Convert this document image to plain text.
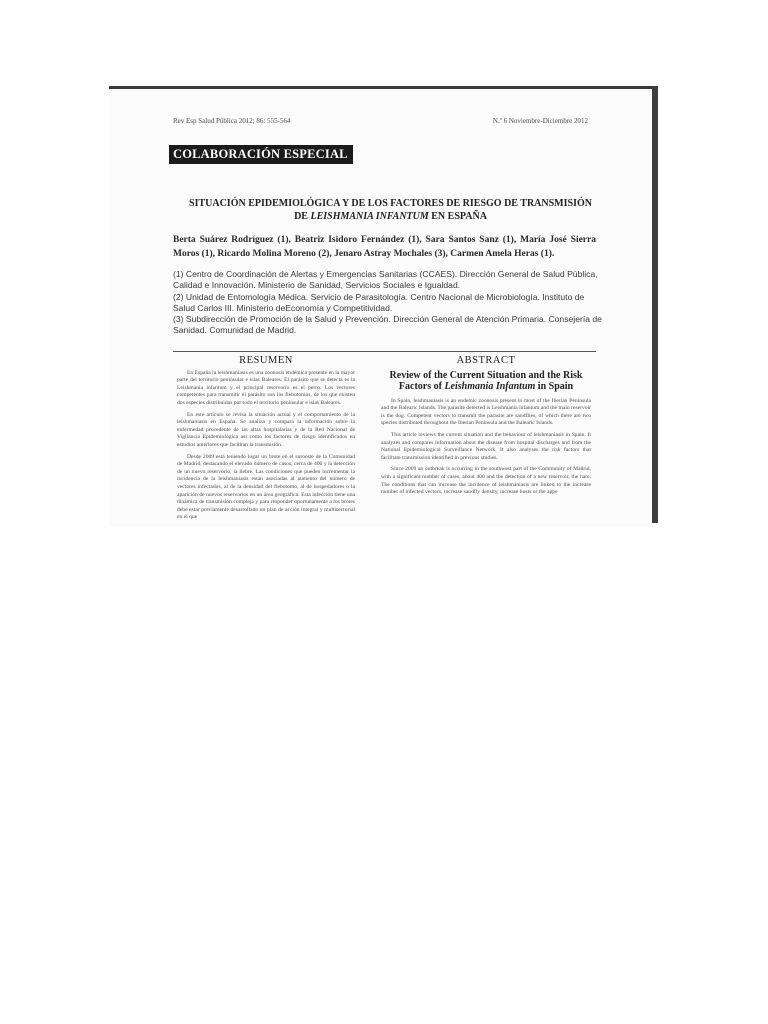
Rev Esp Salud Pública 2012; 86: 555-564	N.º 6 Noviembre-Diciembre 2012
COLABORACIÓN ESPECIAL
SITUACIÓN EPIDEMIOLÓGICA Y DE LOS FACTORES DE RIESGO DE TRANSMISIÓN
DE LEISHMANIA INFANTUM EN ESPAÑA
Berta Suárez Rodríguez (1), Beatriz Isidoro Fernández (1), Sara Santos Sanz (1), María José Sierra Moros (1), Ricardo Molina Moreno (2), Jenaro Astray Mochales (3), Carmen Amela Heras (1).
(1) Centro de Coordinación de Alertas y Emergencias Sanitarias (CCAES). Dirección General de Salud Pública, Calidad e Innovación. Ministerio de Sanidad, Servicios Sociales e Igualdad.
(2) Unidad de Entomología Médica. Servicio de Parasitología. Centro Nacional de Microbiología. Instituto de Salud Carlos III. Ministerio deEconomía y Competitividad.
(3) Subdirección de Promoción de la Salud y Prevención. Dirección General de Atención Primaria. Consejería de Sanidad. Comunidad de Madrid.
RESUMEN

En España la leishmaniasis es una zoonosis endémica presente en la mayor parte del territorio peninsular e islas Baleares. El parásito que se detecta es la Leishmania infantum y el principal reservorio es el perro. Los vectores competentes para transmitir el parásito son los flebotomos, de los que existen dos especies distribuidas por todo el territorio peninsular e islas Baleares.

En este artículo se revisa la situación actual y el comportamiento de la leishmaniasis en España. Se analiza y compara la información sobre la enfermedad procedente de las altas hospitalarias y de la Red Nacional de Vigilancia Epidemiológica así como los factores de riesgo identificados en estudios anteriores que facilitan la transmisión.

Desde 2009 está teniendo lugar un brote en el suroeste de la Comunidad de Madrid, destacando el elevado número de casos, cerca de 400 y la detección de un nuevo reservorio, la liebre. Las condiciones que pueden incrementar la incidencia de la leishmaniasis están asociadas al aumento del número de vectores infectados, al de la densidad del flebotomo, al de hospedadores o la aparición de nuevos reservorios en un área geográfica. Esta infección tiene una dinámica de transmisión compleja y para responder oportunamente a los brotes debe estar previamente desarrollado un plan de acción integral y multisectorial en el que

ABSTRACT
Review of the Current Situation and the Risk Factors of Leishmania Infantum in Spain

In Spain, leishmaniasis is an endemic zoonosis present in most of the Iberian Peninsula and the Balearic Islands. The parasite detected is Leishmania infantum and the main reservoir is the dog. Competent vectors to transmit the parasite are sandflies, of which there are two species distributed throughout the Iberian Peninsula and the Balearic Islands.

This article reviews the current situation and the behaviour of leishmaniasis in Spain. It analyzes and compares information about the disease from hospital discharges and from the National Epidemiological Surveillance Network. It also analyses the risk factors that facilitate transmission identified in previous studies.

Since 2009 an outbreak is occurring in the southwest part of the Community of Madrid, with a significant number of cases, about 400 and the detection of a new reservoir, the hare. The conditions that can increase the incidence of leishmaniasis are linked to the increase number of infected vectors, increase sandfly density, increase hosts or the appe
